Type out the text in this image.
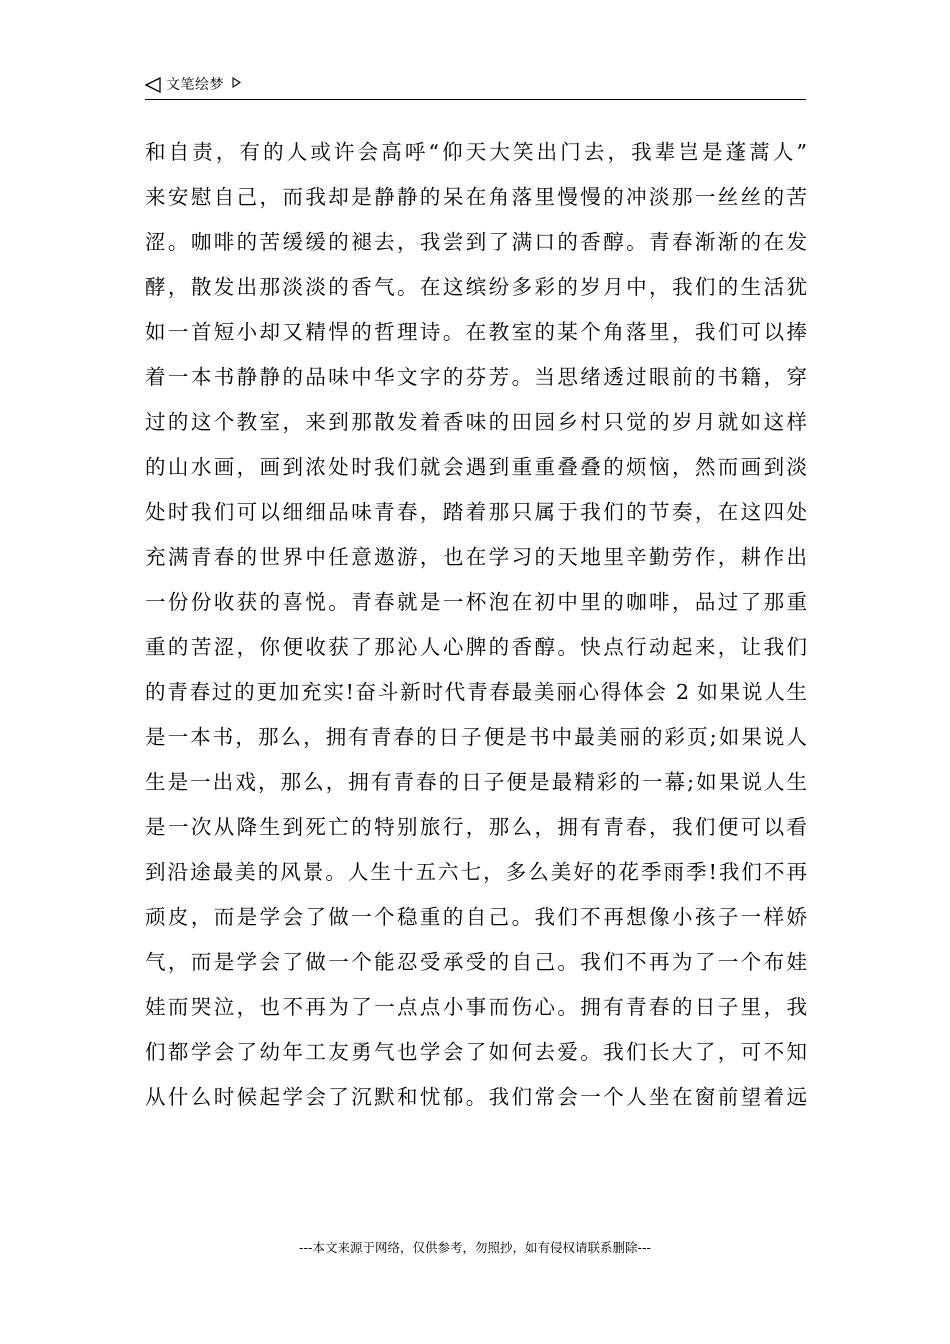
文笔绘梦
和自责，有的人或许会高呼“仰天大笑出门去，我辈岂是蓬蒿人”
来安慰自己，而我却是静静的呆在角落里慢慢的冲淡那一丝丝的苦
涩。咖啡的苦缓缓的褪去，我尝到了满口的香醇。青春渐渐的在发
酵，散发出那淡淡的香气。在这缤纷多彩的岁月中，我们的生活犹
如一首短小却又精悍的哲理诗。在教室的某个角落里，我们可以捧
着一本书静静的品味中华文字的芬芳。当思绪透过眼前的书籍，穿
过的这个教室，来到那散发着香味的田园乡村只觉的岁月就如这样
的山水画，画到浓处时我们就会遇到重重叠叠的烦恼，然而画到淡
处时我们可以细细品味青春，踏着那只属于我们的节奏，在这四处
充满青春的世界中任意遨游，也在学习的天地里辛勤劳作，耕作出
一份份收获的喜悦。青春就是一杯泡在初中里的咖啡，品过了那重
重的苦涩，你便收获了那沁人心脾的香醇。快点行动起来，让我们
的青春过的更加充实!奋斗新时代青春最美丽心得体会 2 如果说人生
是一本书，那么，拥有青春的日子便是书中最美丽的彩页;如果说人
生是一出戏，那么，拥有青春的日子便是最精彩的一幕;如果说人生
是一次从降生到死亡的特别旅行，那么，拥有青春，我们便可以看
到沿途最美的风景。人生十五六七，多么美好的花季雨季!我们不再
顽皮，而是学会了做一个稳重的自己。我们不再想像小孩子一样娇
气，而是学会了做一个能忍受承受的自己。我们不再为了一个布娃
娃而哭泣，也不再为了一点点小事而伤心。拥有青春的日子里，我
们都学会了幼年工友勇气也学会了如何去爱。我们长大了，可不知
从什么时候起学会了沉默和忧郁。我们常会一个人坐在窗前望着远
---本文来源于网络，仅供参考，勿照抄，如有侵权请联系删除---
